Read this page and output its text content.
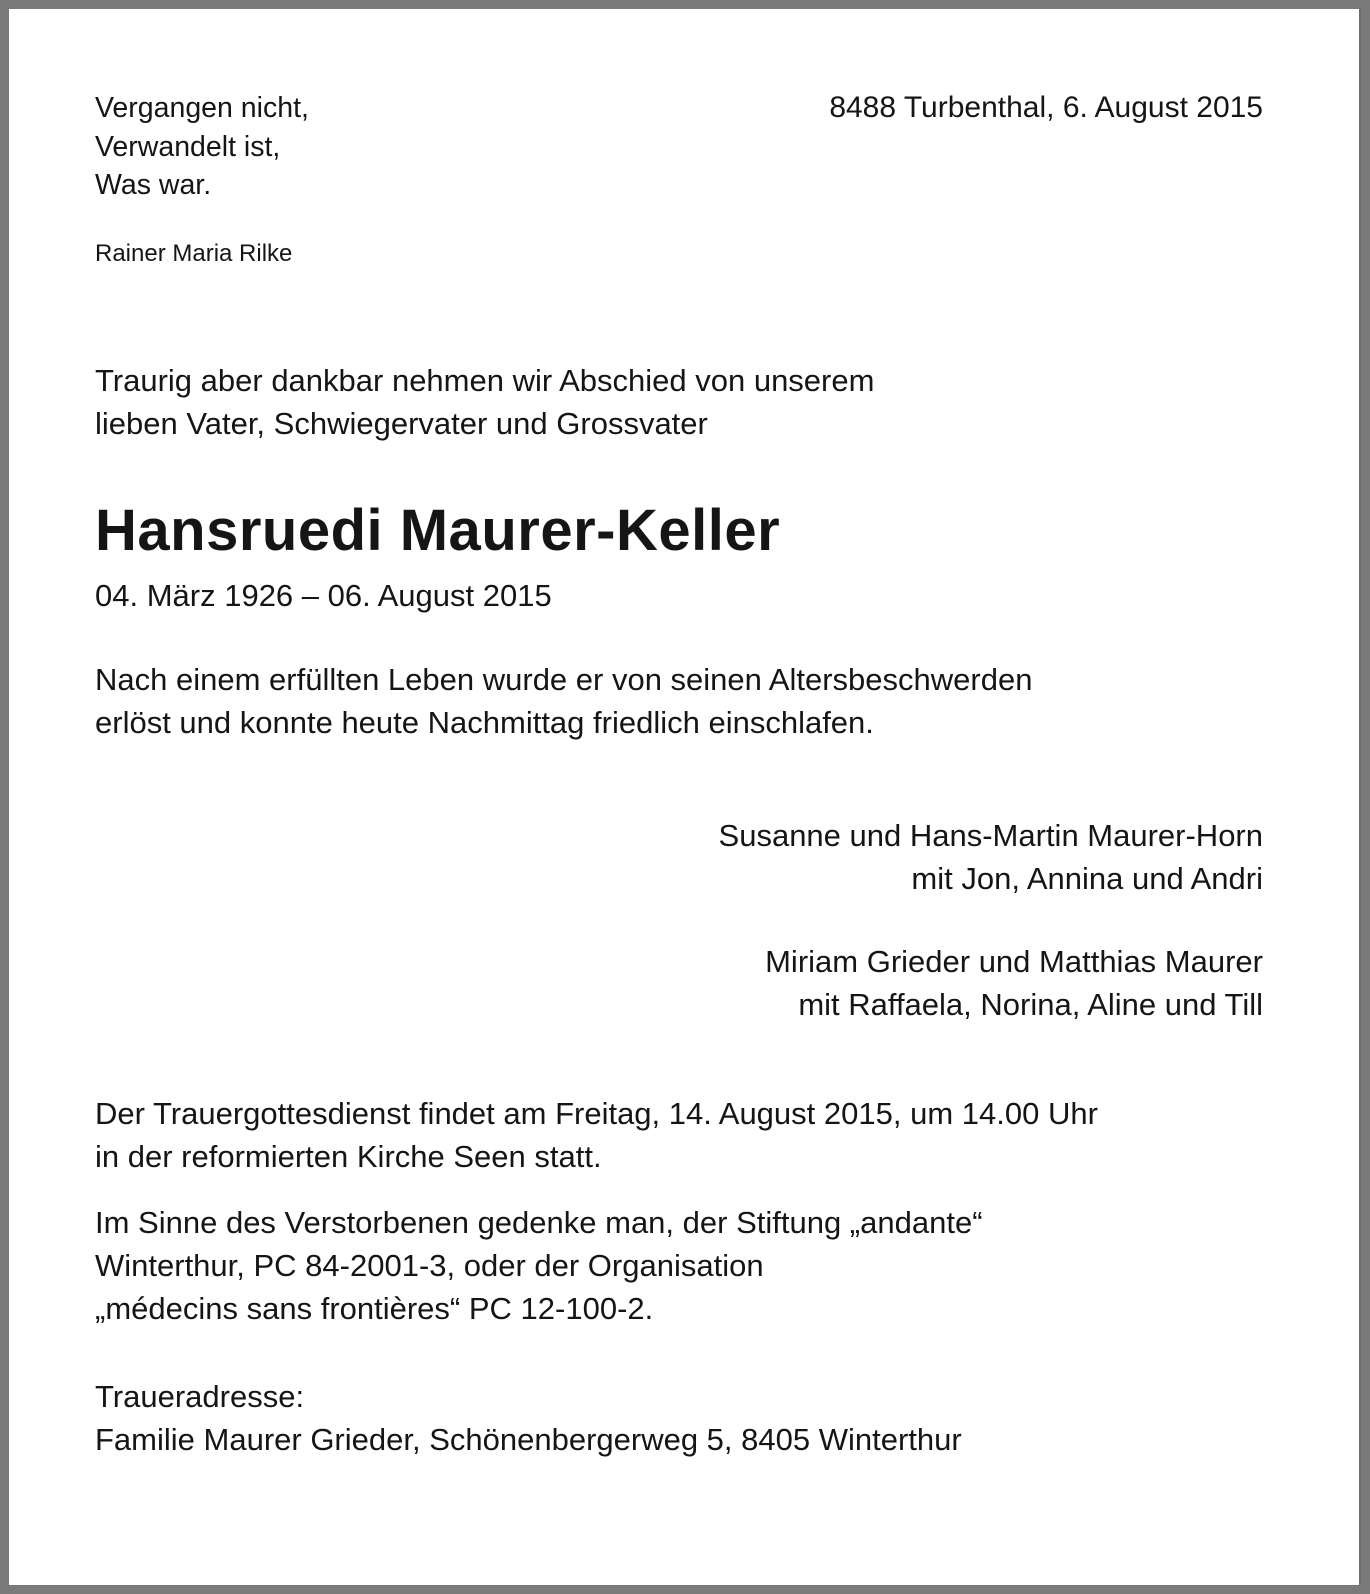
Vergangen nicht,
Verwandelt ist,
Was war.
8488 Turbenthal, 6. August 2015
Rainer Maria Rilke
Traurig aber dankbar nehmen wir Abschied von unserem
lieben Vater, Schwiegervater und Grossvater
Hansruedi Maurer-Keller
04. März 1926 – 06. August 2015
Nach einem erfüllten Leben wurde er von seinen Altersbeschwerden
erlöst und konnte heute Nachmittag friedlich einschlafen.
Susanne und Hans-Martin Maurer-Horn
mit Jon, Annina und Andri
Miriam Grieder und Matthias Maurer
mit Raffaela, Norina, Aline und Till
Der Trauergottesdienst findet am Freitag, 14. August 2015, um 14.00 Uhr
in der reformierten Kirche Seen statt.
Im Sinne des Verstorbenen gedenke man, der Stiftung „andante“
Winterthur, PC 84-2001-3, oder der Organisation
„médecins sans frontières“ PC 12-100-2.
Traueradresse:
Familie Maurer Grieder, Schönenbergerweg 5, 8405 Winterthur
